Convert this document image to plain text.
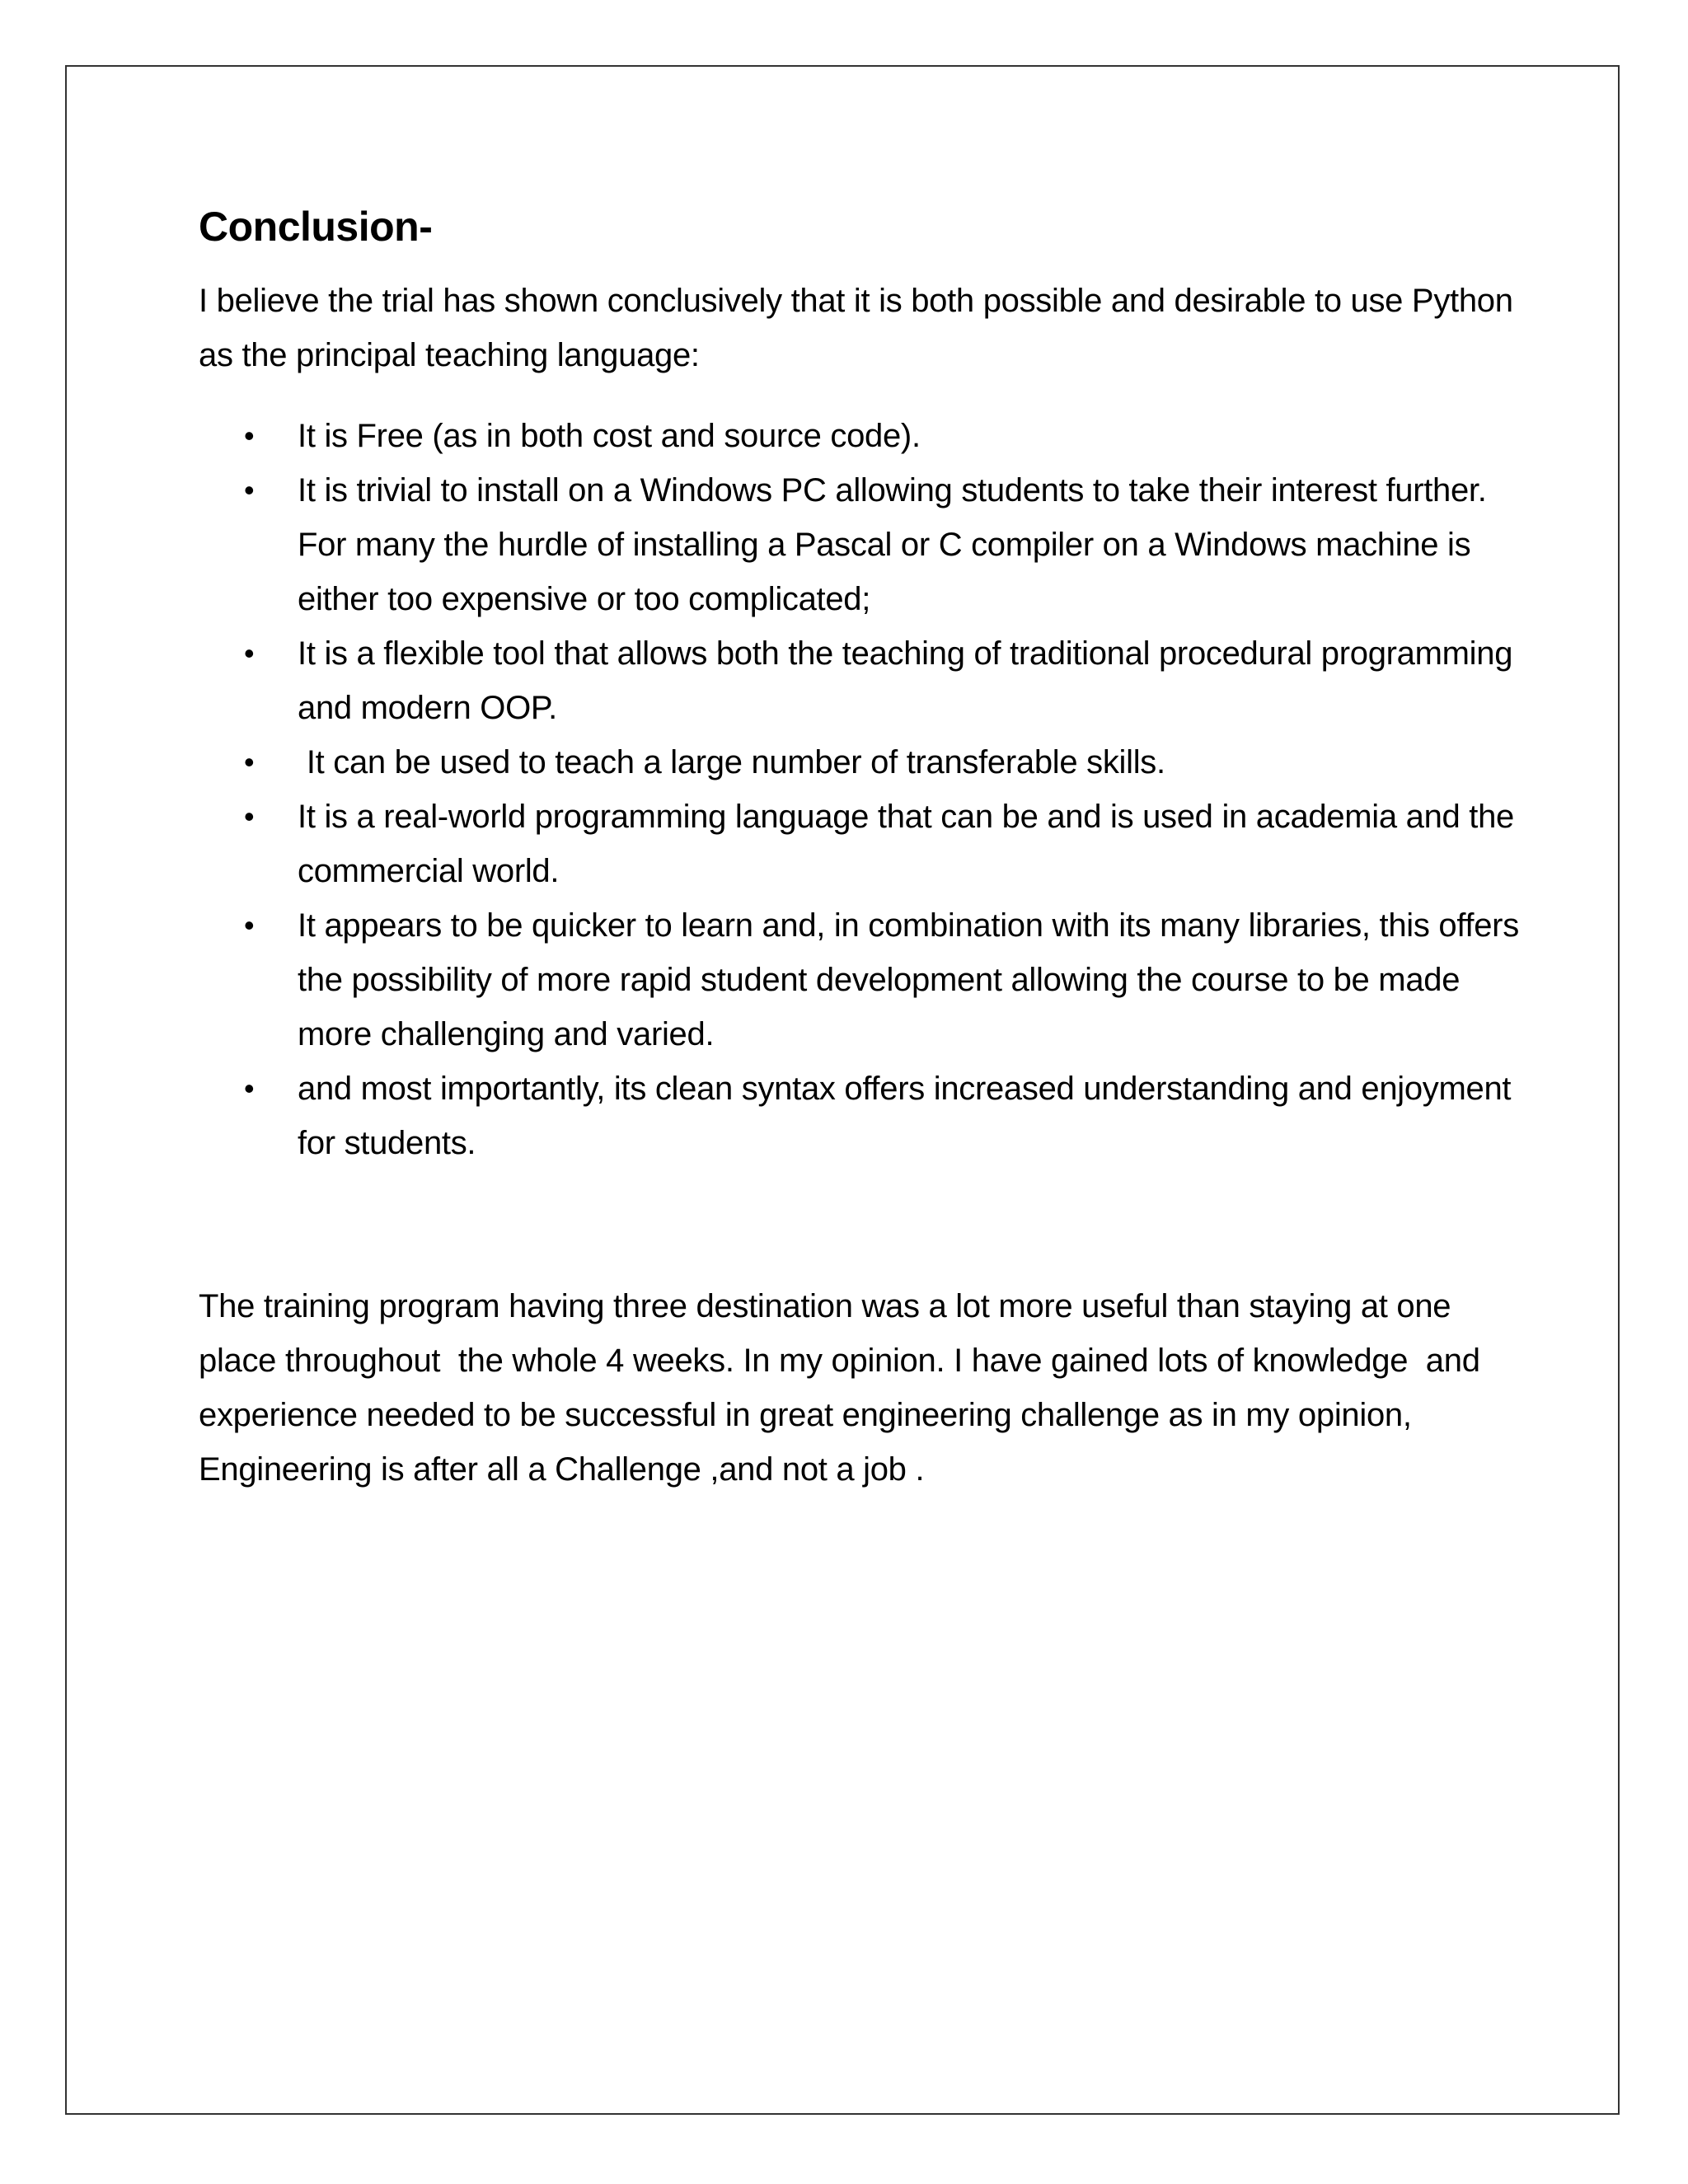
Conclusion-

I believe the trial has shown conclusively that it is both possible and desirable to use Python as the principal teaching language:

• It is Free (as in both cost and source code).
• It is trivial to install on a Windows PC allowing students to take their interest further. For many the hurdle of installing a Pascal or C compiler on a Windows machine is either too expensive or too complicated;
• It is a flexible tool that allows both the teaching of traditional procedural programming and modern OOP.
• It can be used to teach a large number of transferable skills.
• It is a real-world programming language that can be and is used in academia and the commercial world.
• It appears to be quicker to learn and, in combination with its many libraries, this offers the possibility of more rapid student development allowing the course to be made more challenging and varied.
• and most importantly, its clean syntax offers increased understanding and enjoyment for students.

The training program having three destination was a lot more useful than staying at one place throughout  the whole 4 weeks. In my opinion. I have gained lots of knowledge  and experience needed to be successful in great engineering challenge as in my opinion, Engineering is after all a Challenge ,and not a job .
